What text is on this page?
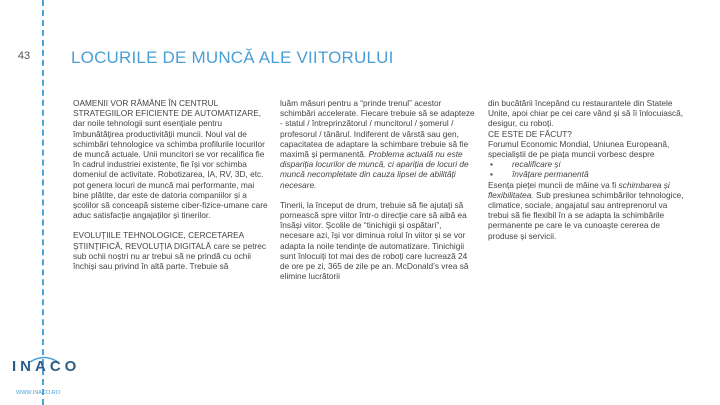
43	LOCURILE DE MUNCĂ ALE VIITORULUI

OAMENII VOR RĂMÂNE ÎN CENTRUL STRATEGIILOR EFICIENTE DE AUTOMATIZARE, dar noile tehnologii sunt esențiale pentru îmbunătățirea productivității muncii. Noul val de schimbări tehnologice va schimba profilurile locurilor de muncă actuale. Unii muncitori se vor recalifica fie în cadrul industriei existente, fie își vor schimba domeniul de activitate. Robotizarea, IA, RV, 3D, etc. pot genera locuri de muncă mai performante, mai bine plătite, dar este de datoria companiilor și a școlilor să conceapă sisteme ciber-fizice-umane care aduc satisfacție angajaților și tinerilor.

EVOLUȚIILE TEHNOLOGICE, CERCETAREA ȘTIINȚIFICĂ, REVOLUȚIA DIGITALĂ care se petrec sub ochii noștri nu ar trebui să ne prindă cu ochii închiși sau privind în altă parte. Trebuie să

luăm măsuri pentru a “prinde trenul” acestor schimbări accelerate. Fiecare trebuie să se adapteze - statul / întreprinzătorul / muncitorul / șomerul / profesorul / tânărul. Indiferent de vârstă sau gen, capacitatea de adaptare la schimbare trebuie să fie maximă și permanentă. Problema actuală nu este dispariția locurilor de muncă, ci apariția de locuri de muncă necompletate din cauza lipsei de abilități necesare.

Tinerii, la început de drum, trebuie să fie ajutați să pornească spre viitor într-o direcție care să aibă ea însăși viitor. Școlile de “tinichigii și ospătari”, necesare azi, își vor diminua rolul în viitor și se vor adapta la noile tendințe de automatizare. Tinichigii sunt înlocuiți tot mai des de roboți care lucrează 24 de ore pe zi, 365 de zile pe an. McDonald’s vrea să elimine lucrătorii

din bucătării începând cu restaurantele din Statele Unite, apoi chiar pe cei care vând și să îi înlocuiască, desigur, cu roboți.

CE ESTE DE FĂCUT?
Forumul Economic Mondial, Uniunea Europeană, specialiștii de pe piața muncii vorbesc despre
▪ recalificare și
▪ învățare permanentă
Esența pieței muncii de mâine va fi schimbarea și flexibilitatea. Sub presiunea schimbărilor tehnologice, climatice, sociale, angajatul sau antreprenorul va trebui să fie flexibil în a se adapta la schimbările permanente pe care le va cunoaște cererea de produse și servicii.
INACO
WWW.INACO.RO
